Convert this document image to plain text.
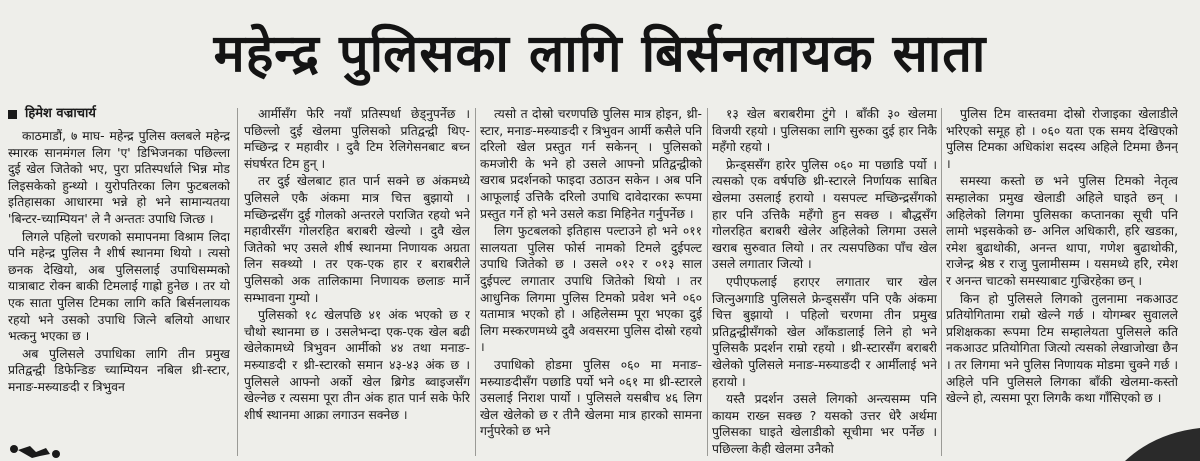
महेन्द्र पुलिसका लागि बिर्सनलायक साता
हिमेश वज्राचार्य

काठमाडौं, ७ माघ- महेन्द्र पुलिस क्लबले महेन्द्र स्मारक सानमंगल लिग 'ए' डिभिजनका पछिल्ला दुई खेल जितेको भए, पुरा प्रतिस्पर्धाले भिन्न मोड लिइसकेको हुन्थ्यो । युरोपतिरका लिग फुटबलको इतिहासका आधारमा भन्ने हो भने सामान्यतया 'बिन्टर-च्याम्पियन' ले नै अन्ततः उपाधि जित्छ ।

लिगले पहिलो चरणको समापनमा विश्राम लिदा पनि महेन्द्र पुलिस नै शीर्ष स्थानमा थियो । त्यसो छनक देखियो, अब पुलिसलाई उपाधिसम्मको यात्राबाट रोक्न बाकी टिमलाई गाह्रो हुनेछ । तर यो एक साता पुलिस टिमका लागि कति बिर्सनलायक रहयो भने उसको उपाधि जित्ने बलियो आधार भत्कनु भएका छ ।

अब पुलिसले उपाधिका लागि तीन प्रमुख प्रतिद्वन्द्वी डिफेन्डिङ च्याम्पियन नबिल थ्री-स्टार, मनाङ-मस्र्याङदी र त्रिभुवन

आर्मीसँग फेरि नयाँ प्रतिस्पर्धा छेड्नुपर्नेछ । पछिल्लो दुई खेलमा पुलिसको प्रतिद्वन्द्वी थिए- मच्छिन्द्र र महावीर । दुवै टिम रेलिगेसनबाट बच्न संघर्षरत टिम हुन् ।

तर दुई खेलबाट हात पार्न सक्ने छ अंकमध्ये पुलिसले एकै अंकमा मात्र चित्त बुझायो । मच्छिन्द्रसँग दुई गोलको अन्तरले पराजित रहयो भने महावीरसँग गोलरहित बराबरी खेल्यो । दुवै खेल जितेको भए उसले शीर्ष स्थानमा निणायक अग्रता लिन सक्थ्यो । तर एक-एक हार र बराबरीले पुलिसको अक तालिकामा निणायक छलाङ मार्ने सम्भावना गुम्यो ।

पुलिसको १८ खेलपछि ४१ अंक भएको छ र चौथो स्थानमा छ । उसलेभन्दा एक-एक खेल बढी खेलेकामध्ये त्रिभुवन आर्मीको ४४ तथा मनाङ-मस्र्याङदी र थ्री-स्टारको समान ४३-४३ अंक छ । पुलिसले आफ्नो अर्को खेल ब्रिगेड ब्वाइजसँग खेल्नेछ र त्यसमा पूरा तीन अंक हात पार्न सके फेरि शीर्ष स्थानमा आक्रा लगाउन सक्नेछ ।

त्यसो त दोस्रो चरणपछि पुलिस मात्र होइन, थ्री-स्टार, मनाङ-मस्र्याङदी र त्रिभुवन आर्मी कसैले पनि दरिलो खेल प्रस्तुत गर्न सकेनन् । पुलिसको कमजोरी के भने हो उसले आफ्नो प्रतिद्वन्द्वीको खराब प्रदर्शनको फाइदा उठाउन सकेन । अब पनि आफूलाई उत्तिकै दरिलो उपाधि दावेदारका रूपमा प्रस्तुत गर्ने हो भने उसले कडा मिहिनेत गर्नुपर्नेछ ।

लिग फुटबलको इतिहास पल्टाउने हो भने ०११ सालयता पुलिस फोर्स नामको टिमले दुईपल्ट उपाधि जितेको छ । उसले ०१२ र ०१३ साल दुईपल्ट लगातार उपाधि जितेको थियो । तर आधुनिक लिगमा पुलिस टिमको प्रवेश भने ०६० यतामात्र भएको हो । अहिलेसम्म पूरा भएका दुई लिग मस्करणमध्ये दुवै अवसरमा पुलिस दोस्रो रहयो ।

उपाधिको होडमा पुलिस ०६० मा मनाङ-मस्र्याङदीसँग पछाडि पर्यो भने ०६१ मा थ्री-स्टारले उसलाई निराश पार्यो । पुलिसले यसबीच ४६ लिग खेल खेलेको छ र तीनै खेलमा मात्र हारको सामना गर्नुपरेको छ भने

१३ खेल बराबरीमा टुंगे । बाँकी ३० खेलमा विजयी रहयो । पुलिसका लागि सुरुका दुई हार निकै महँगो रहयो ।

फ्रेन्ड्ससँग हारेर पुलिस ०६० मा पछाडि पर्यो । त्यसको एक वर्षपछि थ्री-स्टारले निर्णायक साबित खेलमा उसलाई हरायो । यसपल्ट मच्छिन्द्रसँगको हार पनि उत्तिकै महँगो हुन सक्छ । बौद्धसँग गोलरहित बराबरी खेलेर अहिलेको लिगमा उसले खराब सुरुवात लियो । तर त्यसपछिका पाँच खेल उसले लगातार जित्यो ।

एपीएफलाई हराएर लगातार चार खेल जित्नुअगाडि पुलिसले फ्रेन्ड्ससँग पनि एकै अंकमा चित्त बुझायो । पहिलो चरणमा तीन प्रमुख प्रतिद्वन्द्वीसँगको खेल आँकडालाई लिने हो भने पुलिसकै प्रदर्शन राम्रो रहयो । थ्री-स्टारसँग बराबरी खेलेको पुलिसले मनाङ-मस्र्याङदी र आर्मीलाई भने हरायो ।

यस्तै प्रदर्शन उसले लिगको अन्त्यसम्म पनि कायम राख्न सक्छ ? यसको उत्तर धेरै अर्थमा पुलिसका घाइते खेलाडीको सूचीमा भर पर्नेछ । पछिल्ला केही खेलमा उनैको

पुलिस टिम वास्तवमा दोस्रो रोजाइका खेलाडीले भरिएको समूह हो । ०६० यता एक समय देखिएको पुलिस टिमका अधिकांश सदस्य अहिले टिममा छैनन् ।

समस्या कस्तो छ भने पुलिस टिमको नेतृत्व सम्हालेका प्रमुख खेलाडी अहिले घाइते छन् । अहिलेको लिगमा पुलिसका कप्तानका सूची पनि लामो भइसकेको छ- अनिल अधिकारी, हरि खडका, रमेश बुढाथोकी, अनन्त थापा, गणेश बुढाथोकी, राजेन्द्र श्रेष्ठ र राजु पुलामीसम्म । यसमध्ये हरि, रमेश र अनन्त चाटको समस्याबाट गुज्रिरहेका छन् ।

किन हो पुलिसले लिगको तुलनामा नकआउट प्रतियोगितामा राम्रो खेल्ने गर्छ । योगम्बर सुवालले प्रशिक्षकका रूपमा टिम सम्हालेयता पुलिसले कति नकआउट प्रतियोगिता जित्यो त्यसको लेखाजोखा छैन । तर लिगमा भने पुलिस निणायक मोडमा चुक्ने गर्छ । अहिले पनि पुलिसले लिगका बाँकी खेलमा-कस्तो खेल्ने हो, त्यसमा पूरा लिगकै कथा गाँसिएको छ ।
